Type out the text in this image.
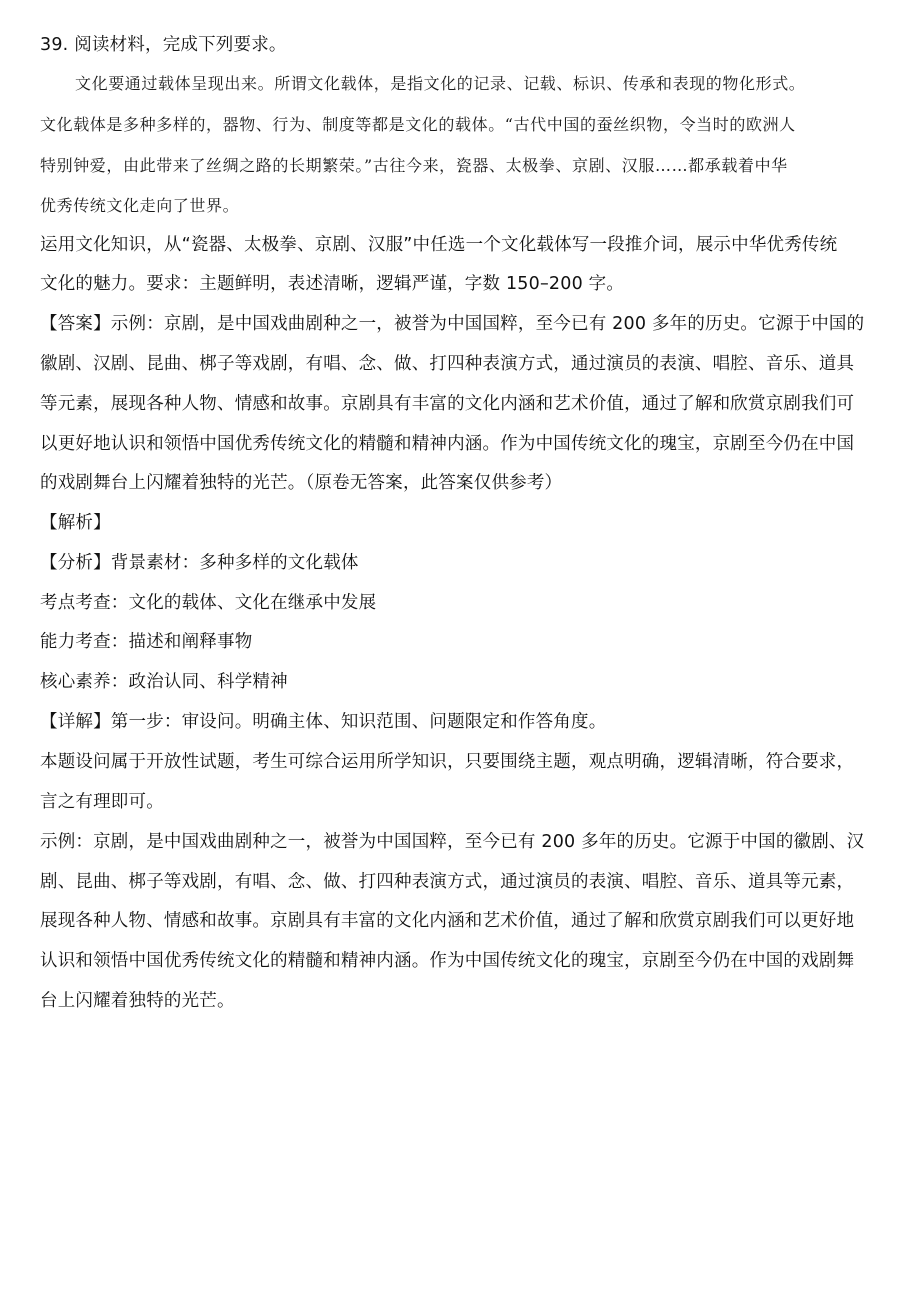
39. 阅读材料，完成下列要求。
文化要通过载体呈现出来。所谓文化载体，是指文化的记录、记载、标识、传承和表现的物化形式。
文化载体是多种多样的，器物、行为、制度等都是文化的载体。“古代中国的蚕丝织物，令当时的欧洲人
特别钟爱，由此带来了丝绸之路的长期繁荣。”古往今来，瓷器、太极拳、京剧、汉服……都承载着中华
优秀传统文化走向了世界。
运用文化知识，从“瓷器、太极拳、京剧、汉服”中任选一个文化载体写一段推介词，展示中华优秀传统
文化的魅力。要求：主题鲜明，表述清晰，逻辑严谨，字数 150–200 字。
【答案】示例：京剧，是中国戏曲剧种之一，被誉为中国国粹，至今已有 200 多年的历史。它源于中国的
徽剧、汉剧、昆曲、梆子等戏剧，有唱、念、做、打四种表演方式，通过演员的表演、唱腔、音乐、道具
等元素，展现各种人物、情感和故事。京剧具有丰富的文化内涵和艺术价值，通过了解和欣赏京剧我们可
以更好地认识和领悟中国优秀传统文化的精髓和精神内涵。作为中国传统文化的瑰宝，京剧至今仍在中国
的戏剧舞台上闪耀着独特的光芒。（原卷无答案，此答案仅供参考）
【解析】
【分析】背景素材：多种多样的文化载体
考点考查：文化的载体、文化在继承中发展
能力考查：描述和阐释事物
核心素养：政治认同、科学精神
【详解】第一步：审设问。明确主体、知识范围、问题限定和作答角度。
本题设问属于开放性试题，考生可综合运用所学知识，只要围绕主题，观点明确，逻辑清晰，符合要求，
言之有理即可。
示例：京剧，是中国戏曲剧种之一，被誉为中国国粹，至今已有 200 多年的历史。它源于中国的徽剧、汉
剧、昆曲、梆子等戏剧，有唱、念、做、打四种表演方式，通过演员的表演、唱腔、音乐、道具等元素，
展现各种人物、情感和故事。京剧具有丰富的文化内涵和艺术价值，通过了解和欣赏京剧我们可以更好地
认识和领悟中国优秀传统文化的精髓和精神内涵。作为中国传统文化的瑰宝，京剧至今仍在中国的戏剧舞
台上闪耀着独特的光芒。
